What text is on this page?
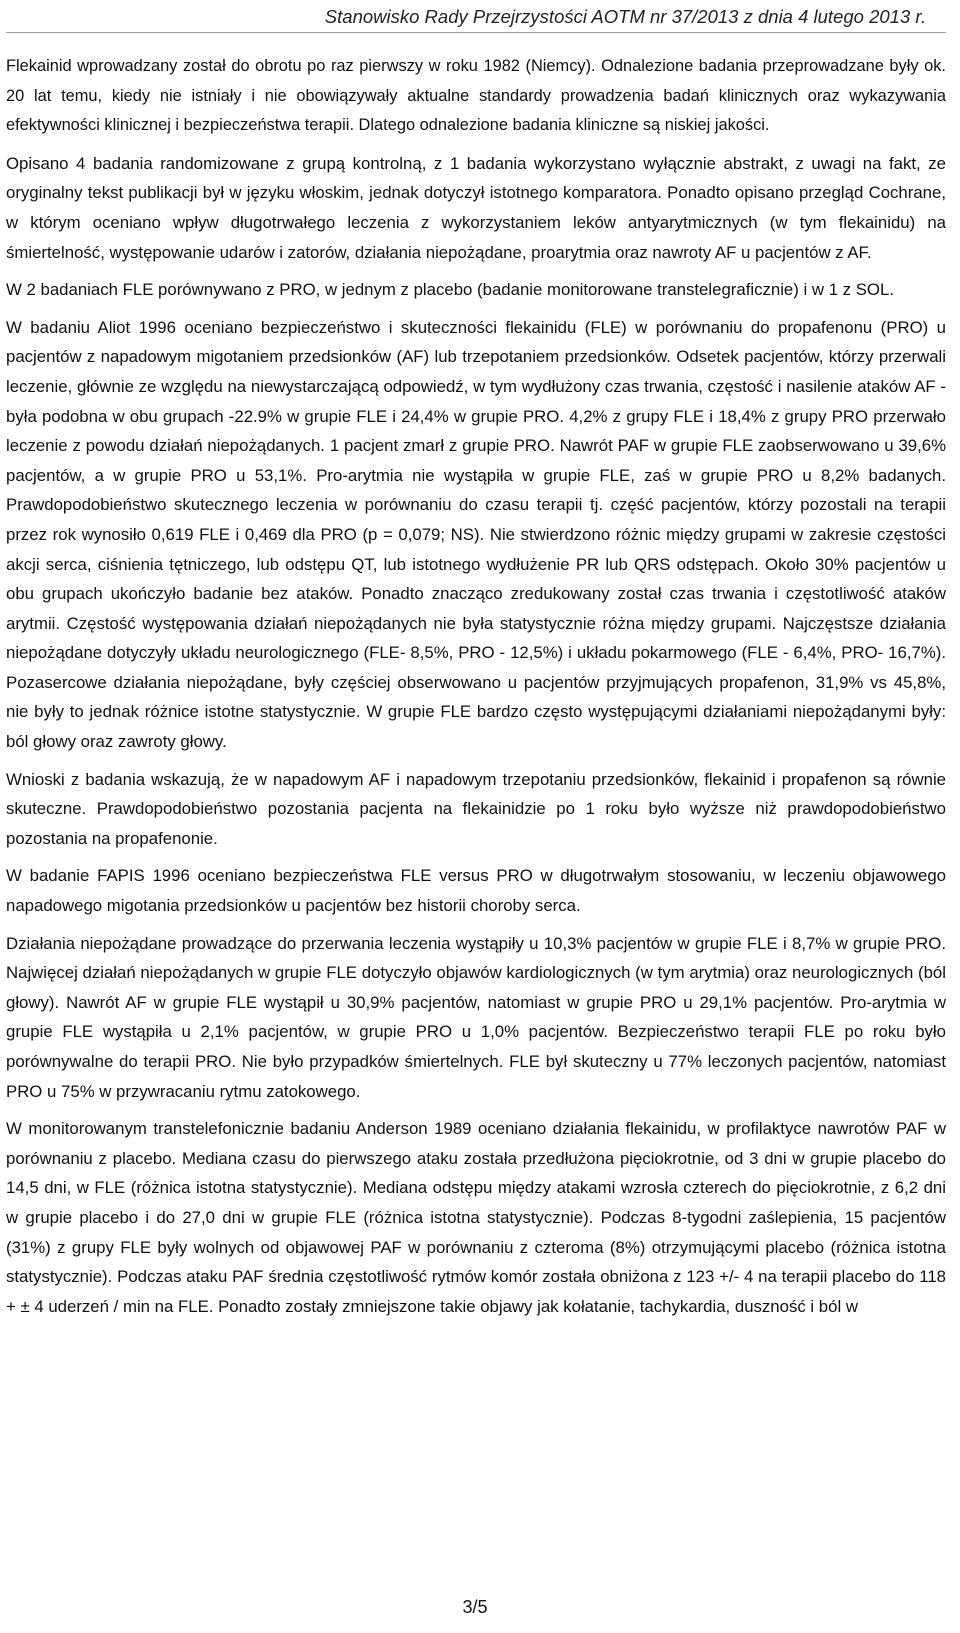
Stanowisko Rady Przejrzystości AOTM nr 37/2013 z dnia 4 lutego 2013 r.

Flekainid wprowadzany został do obrotu po raz pierwszy w roku 1982 (Niemcy). Odnalezione badania przeprowadzane były ok. 20 lat temu, kiedy nie istniały i nie obowiązywały aktualne standardy prowadzenia badań klinicznych oraz wykazywania efektywności klinicznej i bezpieczeństwa terapii. Dlatego odnalezione badania kliniczne są niskiej jakości.

Opisano 4 badania randomizowane z grupą kontrolną, z 1 badania wykorzystano wyłącznie abstrakt, z uwagi na fakt, ze oryginalny tekst publikacji był w języku włoskim, jednak dotyczył istotnego komparatora. Ponadto opisano przegląd Cochrane, w którym oceniano wpływ długotrwałego leczenia z wykorzystaniem leków antyarytmicznych (w tym flekainidu) na śmiertelność, występowanie udarów i zatorów, działania niepożądane, proarytmia oraz nawroty AF u pacjentów z AF.

W 2 badaniach FLE porównywano z PRO, w jednym z placebo (badanie monitorowane transtelegraficznie) i w 1 z SOL.

W badaniu Aliot 1996 oceniano bezpieczeństwo i skuteczności flekainidu (FLE) w porównaniu do propafenonu (PRO) u pacjentów z napadowym migotaniem przedsionków (AF) lub trzepotaniem przedsionków. Odsetek pacjentów, którzy przerwali leczenie, głównie ze względu na niewystarczającą odpowiedź, w tym wydłużony czas trwania, częstość i nasilenie ataków AF - była podobna w obu grupach -22.9% w grupie FLE i 24,4% w grupie PRO. 4,2% z grupy FLE i 18,4% z grupy PRO przerwało leczenie z powodu działań niepożądanych. 1 pacjent zmarł z grupie PRO. Nawrót PAF w grupie FLE zaobserwowano u 39,6% pacjentów, a w grupie PRO u 53,1%. Pro-arytmia nie wystąpiła w grupie FLE, zaś w grupie PRO u 8,2% badanych. Prawdopodobieństwo skutecznego leczenia w porównaniu do czasu terapii tj. część pacjentów, którzy pozostali na terapii przez rok wynosiło 0,619 FLE i 0,469 dla PRO (p = 0,079; NS). Nie stwierdzono różnic między grupami w zakresie częstości akcji serca, ciśnienia tętniczego, lub odstępu QT, lub istotnego wydłużenie PR lub QRS odstępach. Około 30% pacjentów u obu grupach ukończyło badanie bez ataków. Ponadto znacząco zredukowany został czas trwania i częstotliwość ataków arytmii. Częstość występowania działań niepożądanych nie była statystycznie różna między grupami. Najczęstsze działania niepożądane dotyczyły układu neurologicznego (FLE- 8,5%, PRO - 12,5%) i układu pokarmowego (FLE - 6,4%, PRO- 16,7%). Pozasercowe działania niepożądane, były częściej obserwowano u pacjentów przyjmujących propafenon, 31,9% vs 45,8%, nie były to jednak różnice istotne statystycznie. W grupie FLE bardzo często występującymi działaniami niepożądanymi były: ból głowy oraz zawroty głowy.

Wnioski z badania wskazują, że w napadowym AF i napadowym trzepotaniu przedsionków, flekainid i propafenon są równie skuteczne. Prawdopodobieństwo pozostania pacjenta na flekainidzie po 1 roku było wyższe niż prawdopodobieństwo pozostania na propafenonie.

W badanie FAPIS 1996 oceniano bezpieczeństwa FLE versus PRO w długotrwałym stosowaniu, w leczeniu objawowego napadowego migotania przedsionków u pacjentów bez historii choroby serca.

Działania niepożądane prowadzące do przerwania leczenia wystąpiły u 10,3% pacjentów w grupie FLE i 8,7% w grupie PRO. Najwięcej działań niepożądanych w grupie FLE dotyczyło objawów kardiologicznych (w tym arytmia) oraz neurologicznych (ból głowy). Nawrót AF w grupie FLE wystąpił u 30,9% pacjentów, natomiast w grupie PRO u 29,1% pacjentów. Pro-arytmia w grupie FLE wystąpiła u 2,1% pacjentów, w grupie PRO u 1,0% pacjentów. Bezpieczeństwo terapii FLE po roku było porównywalne do terapii PRO. Nie było przypadków śmiertelnych. FLE był skuteczny u 77% leczonych pacjentów, natomiast PRO u 75% w przywracaniu rytmu zatokowego.

W monitorowanym transtelefonicznie badaniu Anderson 1989 oceniano działania flekainidu, w profilaktyce nawrotów PAF w porównaniu z placebo. Mediana czasu do pierwszego ataku została przedłużona pięciokrotnie, od 3 dni w grupie placebo do 14,5 dni, w FLE (różnica istotna statystycznie). Mediana odstępu między atakami wzrosła czterech do pięciokrotnie, z 6,2 dni w grupie placebo i do 27,0 dni w grupie FLE (różnica istotna statystycznie). Podczas 8-tygodni zaślepienia, 15 pacjentów (31%) z grupy FLE były wolnych od objawowej PAF w porównaniu z czteroma (8%) otrzymującymi placebo (różnica istotna statystycznie). Podczas ataku PAF średnia częstotliwość rytmów komór została obniżona z 123 +/- 4 na terapii placebo do 118 + ± 4 uderzeń / min na FLE. Ponadto zostały zmniejszone takie objawy jak kołatanie, tachykardia, duszność i ból w

3/5
